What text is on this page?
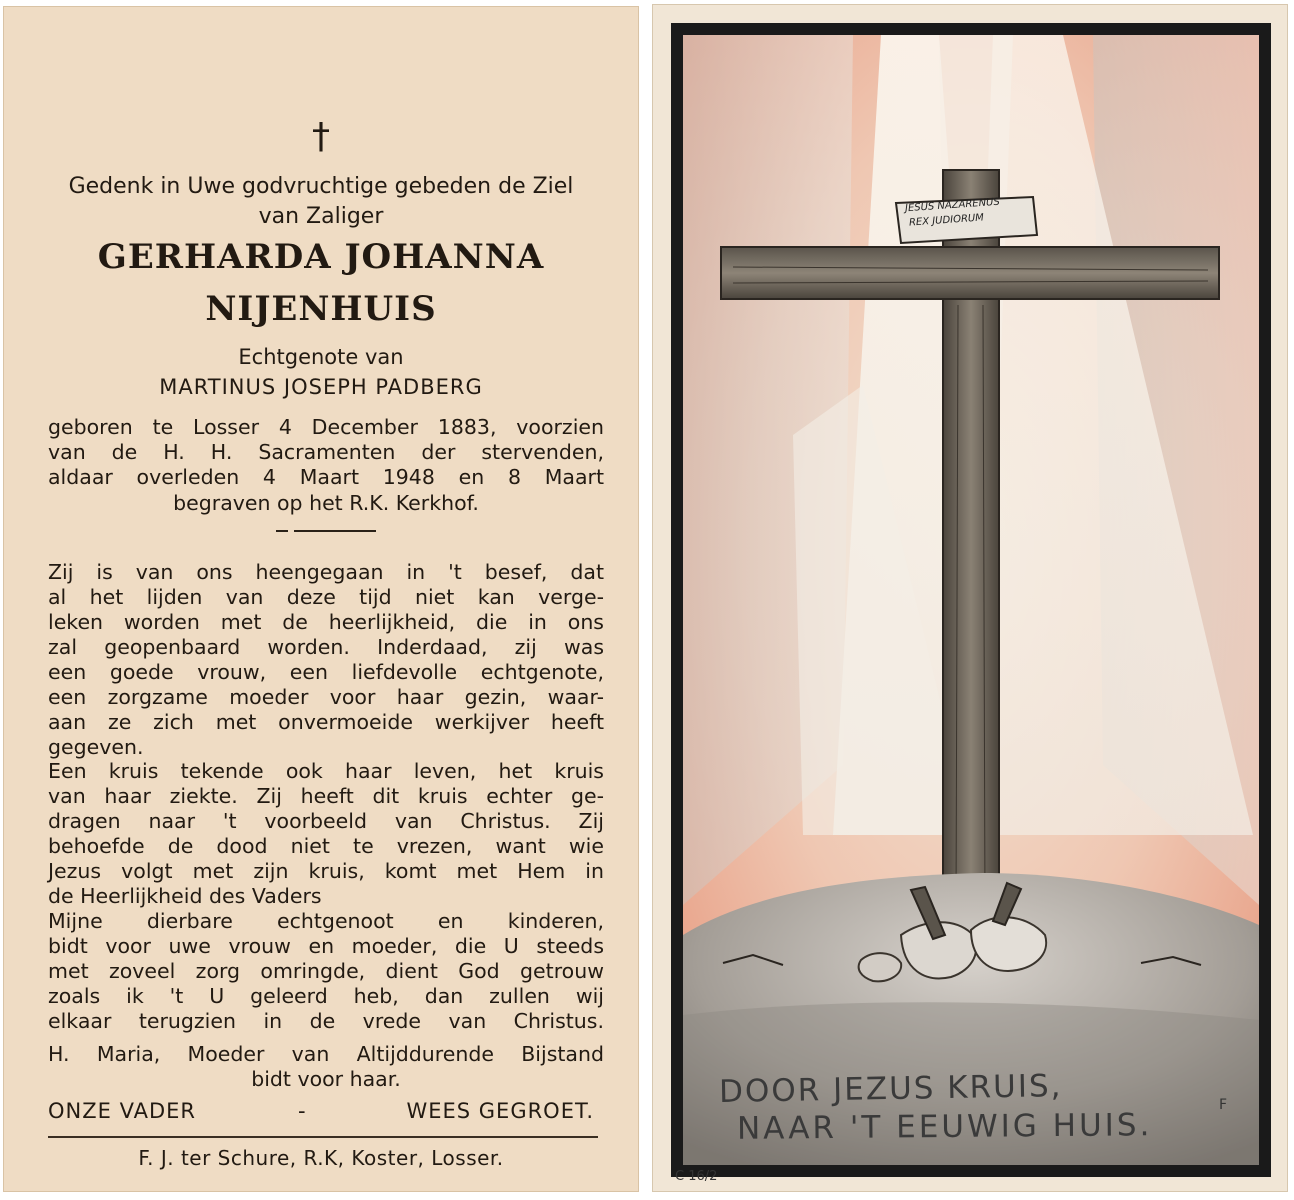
†
Gedenk in Uwe godvruchtige gebeden de Ziel
van Zaliger
GERHARDA JOHANNA
NIJENHUIS
Echtgenote van
MARTINUS JOSEPH PADBERG
geboren te Losser 4 December 1883, voorzien
van de H. H. Sacramenten der stervenden,
aldaar overleden 4 Maart 1948 en 8 Maart
begraven op het R.K. Kerkhof.
Zij is van ons heengegaan in 't besef, dat
al het lijden van deze tijd niet kan verge-
leken worden met de heerlijkheid, die in ons
zal geopenbaard worden. Inderdaad, zij was
een goede vrouw, een liefdevolle echtgenote,
een zorgzame moeder voor haar gezin, waar-
aan ze zich met onvermoeide werkijver heeft
gegeven.
Een kruis tekende ook haar leven, het kruis
van haar ziekte. Zij heeft dit kruis echter ge-
dragen naar 't voorbeeld van Christus. Zij
behoefde de dood niet te vrezen, want wie
Jezus volgt met zijn kruis, komt met Hem in
de Heerlijkheid des Vaders
Mijne dierbare echtgenoot en kinderen,
bidt voor uwe vrouw en moeder, die U steeds
met zoveel zorg omringde, dient God getrouw
zoals ik 't U geleerd heb, dan zullen wij
elkaar terugzien in de vrede van Christus.
H. Maria, Moeder van Altijddurende Bijstand
bidt voor haar.
ONZE VADER	-	WEES GEGROET.
F. J. ter Schure, R.K, Koster, Losser.
JESUS NAZARENUS
REX JUDIORUM
DOOR JEZUS KRUIS,
NAAR 'T EEUWIG HUIS.
F
C 16/2
